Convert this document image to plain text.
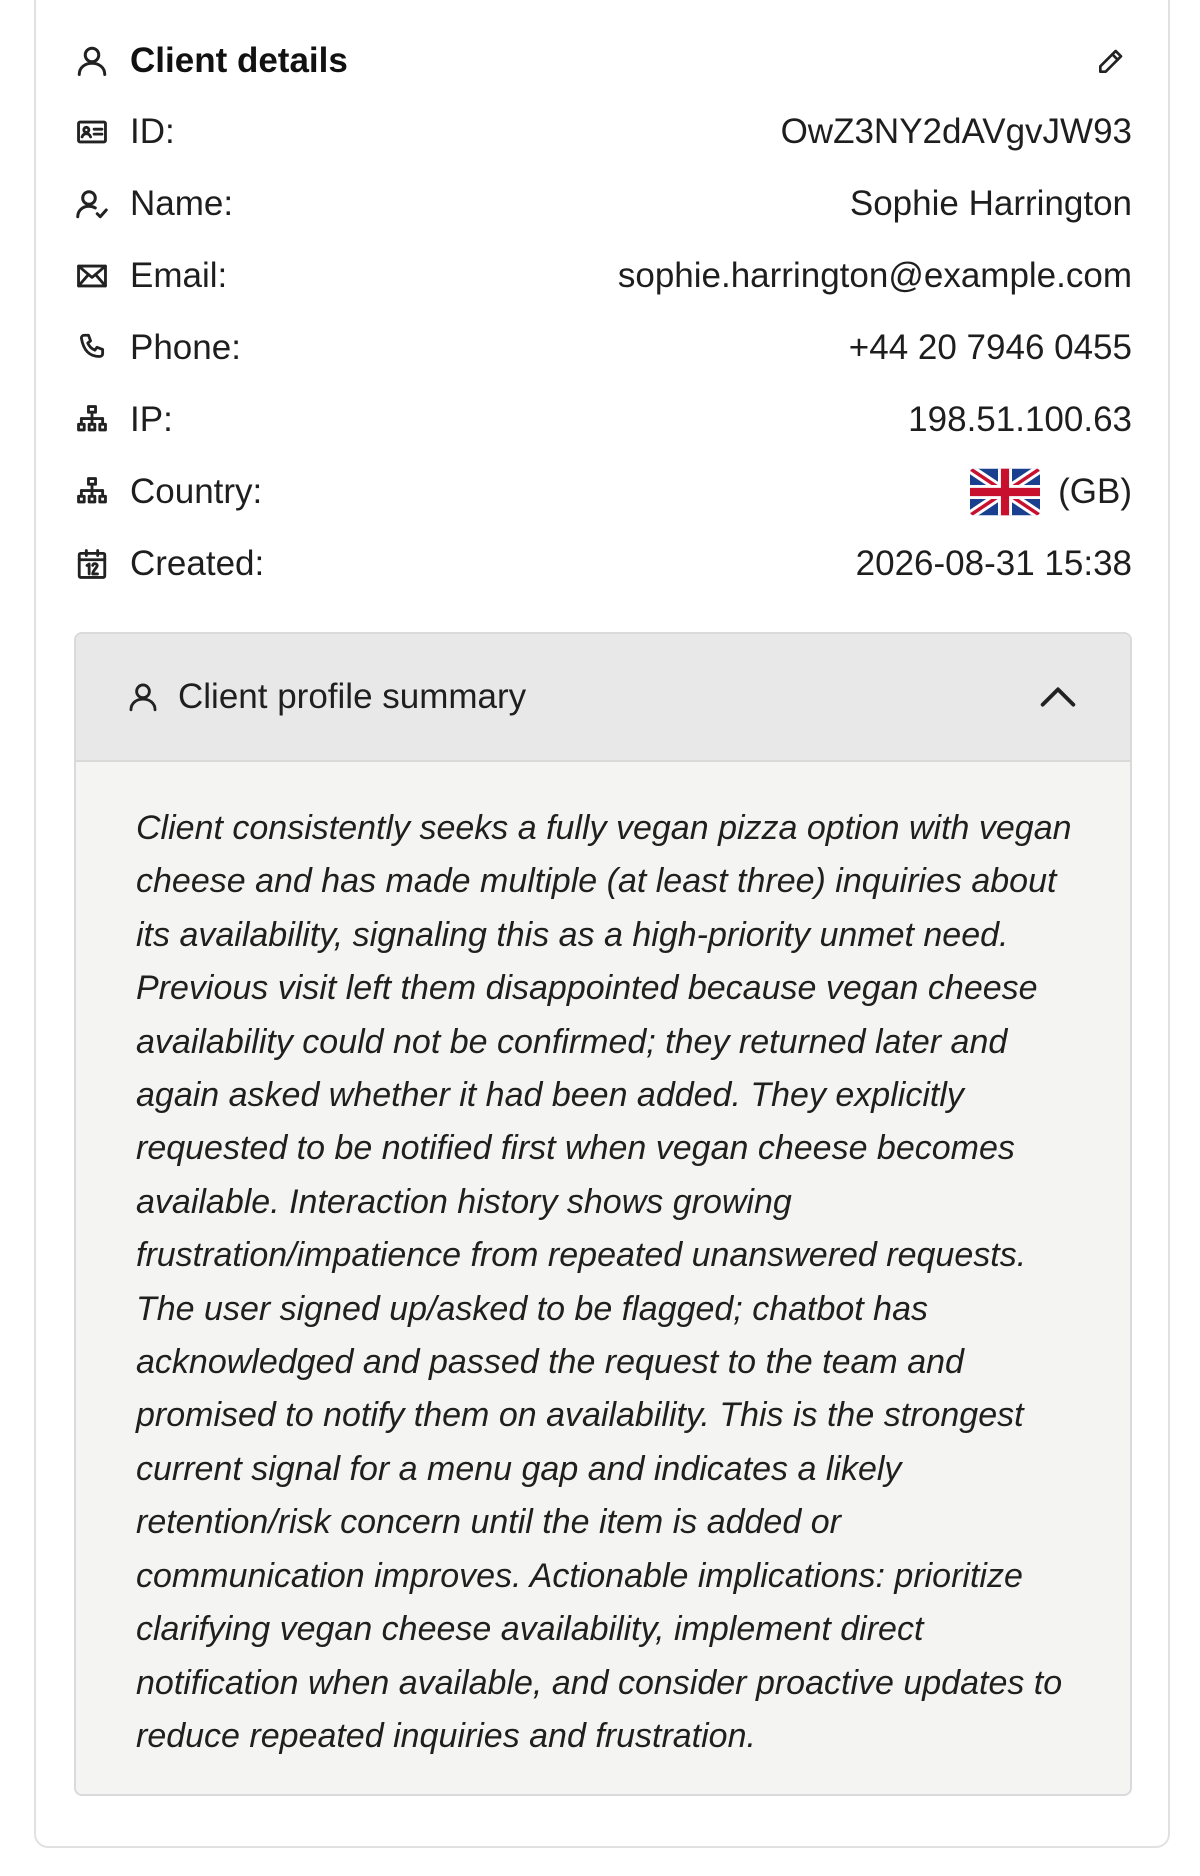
Client details
ID:	OwZ3NY2dAVgvJW93
Name:	Sophie Harrington
Email:	sophie.harrington@example.com
Phone:	+44 20 7946 0455
IP:	198.51.100.63
Country:	(GB)
Created:	2026-08-31 15:38
Client profile summary
Client consistently seeks a fully vegan pizza option with vegan cheese and has made multiple (at least three) inquiries about its availability, signaling this as a high-priority unmet need. Previous visit left them disappointed because vegan cheese availability could not be confirmed; they returned later and again asked whether it had been added. They explicitly requested to be notified first when vegan cheese becomes available. Interaction history shows growing frustration/impatience from repeated unanswered requests. The user signed up/asked to be flagged; chatbot has acknowledged and passed the request to the team and promised to notify them on availability. This is the strongest current signal for a menu gap and indicates a likely retention/risk concern until the item is added or communication improves. Actionable implications: prioritize clarifying vegan cheese availability, implement direct notification when available, and consider proactive updates to reduce repeated inquiries and frustration.
